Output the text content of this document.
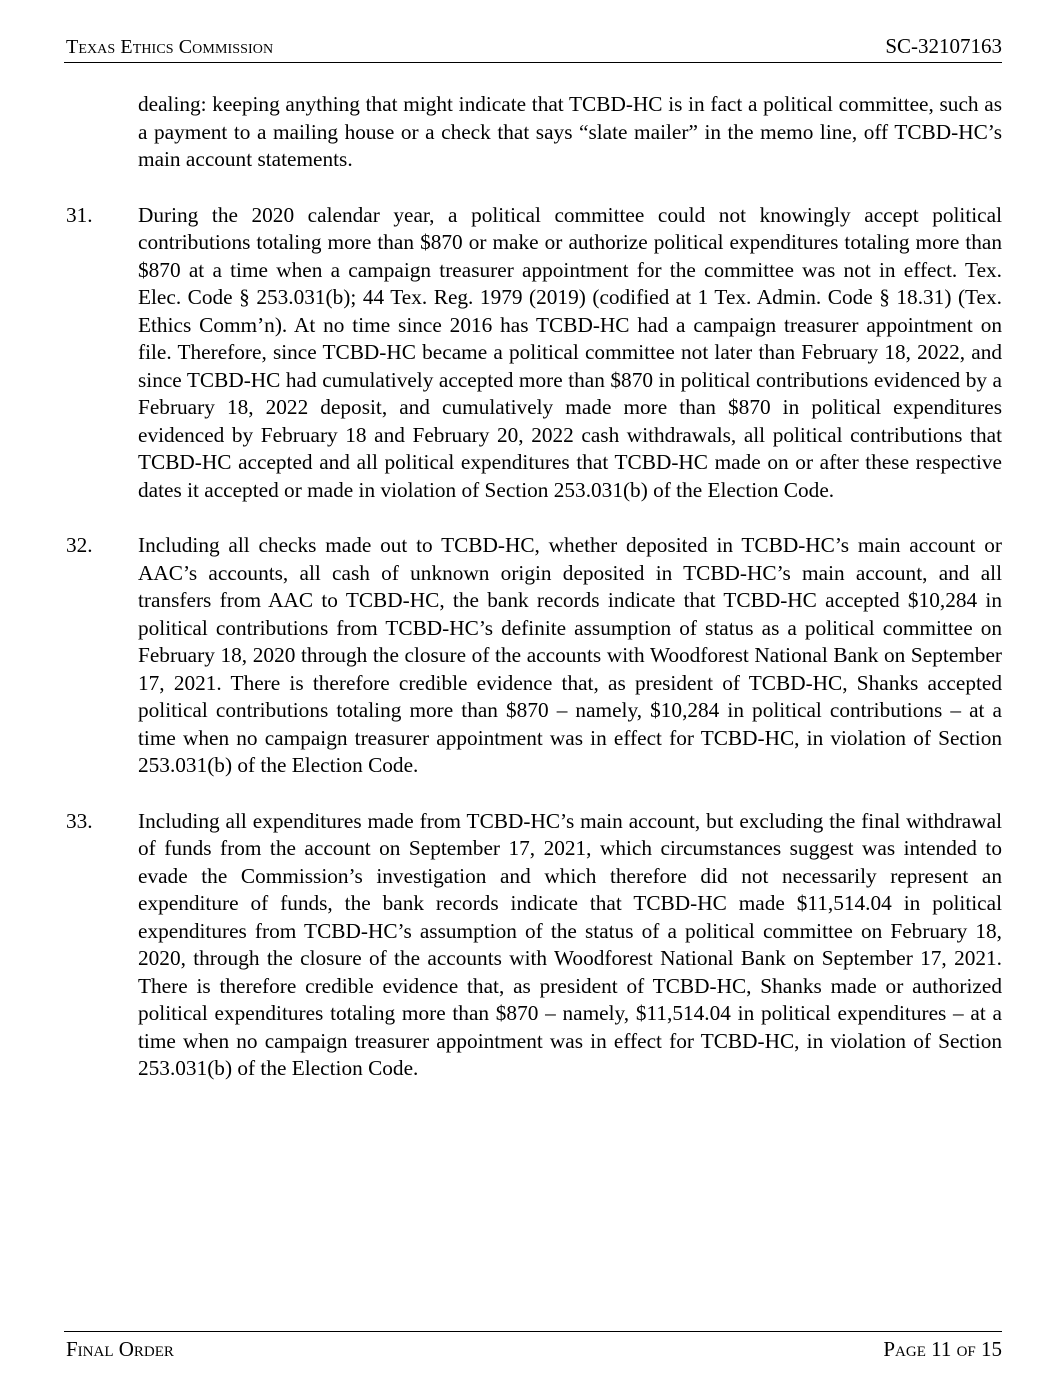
Texas Ethics Commission	SC-32107163
dealing: keeping anything that might indicate that TCBD-HC is in fact a political committee, such as a payment to a mailing house or a check that says “slate mailer” in the memo line, off TCBD-HC’s main account statements.
31. During the 2020 calendar year, a political committee could not knowingly accept political contributions totaling more than $870 or make or authorize political expenditures totaling more than $870 at a time when a campaign treasurer appointment for the committee was not in effect. Tex. Elec. Code § 253.031(b); 44 Tex. Reg. 1979 (2019) (codified at 1 Tex. Admin. Code § 18.31) (Tex. Ethics Comm’n). At no time since 2016 has TCBD-HC had a campaign treasurer appointment on file. Therefore, since TCBD-HC became a political committee not later than February 18, 2022, and since TCBD-HC had cumulatively accepted more than $870 in political contributions evidenced by a February 18, 2022 deposit, and cumulatively made more than $870 in political expenditures evidenced by February 18 and February 20, 2022 cash withdrawals, all political contributions that TCBD-HC accepted and all political expenditures that TCBD-HC made on or after these respective dates it accepted or made in violation of Section 253.031(b) of the Election Code.
32. Including all checks made out to TCBD-HC, whether deposited in TCBD-HC’s main account or AAC’s accounts, all cash of unknown origin deposited in TCBD-HC’s main account, and all transfers from AAC to TCBD-HC, the bank records indicate that TCBD-HC accepted $10,284 in political contributions from TCBD-HC’s definite assumption of status as a political committee on February 18, 2020 through the closure of the accounts with Woodforest National Bank on September 17, 2021. There is therefore credible evidence that, as president of TCBD-HC, Shanks accepted political contributions totaling more than $870 – namely, $10,284 in political contributions – at a time when no campaign treasurer appointment was in effect for TCBD-HC, in violation of Section 253.031(b) of the Election Code.
33. Including all expenditures made from TCBD-HC’s main account, but excluding the final withdrawal of funds from the account on September 17, 2021, which circumstances suggest was intended to evade the Commission’s investigation and which therefore did not necessarily represent an expenditure of funds, the bank records indicate that TCBD-HC made $11,514.04 in political expenditures from TCBD-HC’s assumption of the status of a political committee on February 18, 2020, through the closure of the accounts with Woodforest National Bank on September 17, 2021. There is therefore credible evidence that, as president of TCBD-HC, Shanks made or authorized political expenditures totaling more than $870 – namely, $11,514.04 in political expenditures – at a time when no campaign treasurer appointment was in effect for TCBD-HC, in violation of Section 253.031(b) of the Election Code.
Final Order	Page 11 of 15
